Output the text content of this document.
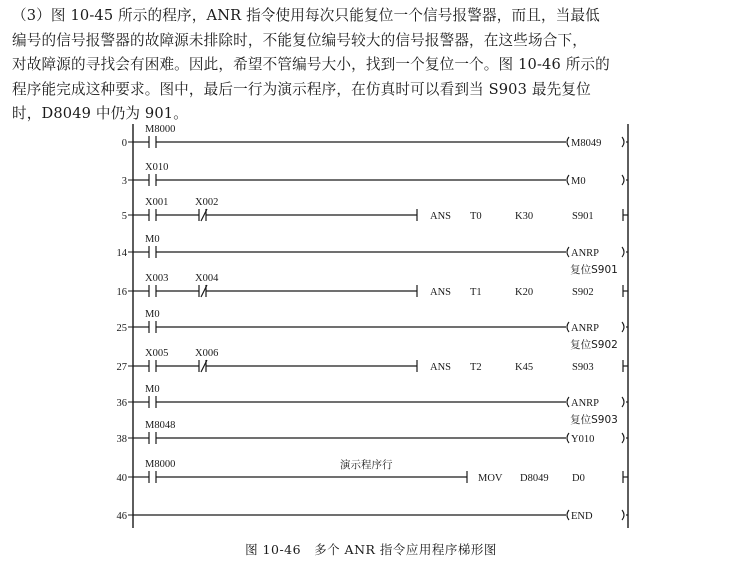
（3）图 10-45 所示的程序，ANR 指令使用每次只能复位一个信号报警器，而且，当最低

编号的信号报警器的故障源未排除时，不能复位编号较大的信号报警器，在这些场合下，

对故障源的寻找会有困难。因此，希望不管编号大小，找到一个复位一个。图 10-46 所示的

程序能完成这种要求。图中，最后一行为演示程序，在仿真时可以看到当 S903 最先复位

时，D8049 中仍为 901。

0
M8000
M8049
3
X010
M0
5
X001	X002
ANS T0	K30	S901
14
M0
ANRP
复位S901
16
X003	X004
ANS T1	K20	S902
25
M0
ANRP
复位S902
27
X005	X006
ANS T2	K45	S903
36
M0
ANRP
复位S903
38
M8048
Y010
40
M8000
MOV D8049 D0
演示程序行
46	END
图 10-46　多个 ANR 指令应用程序梯形图
